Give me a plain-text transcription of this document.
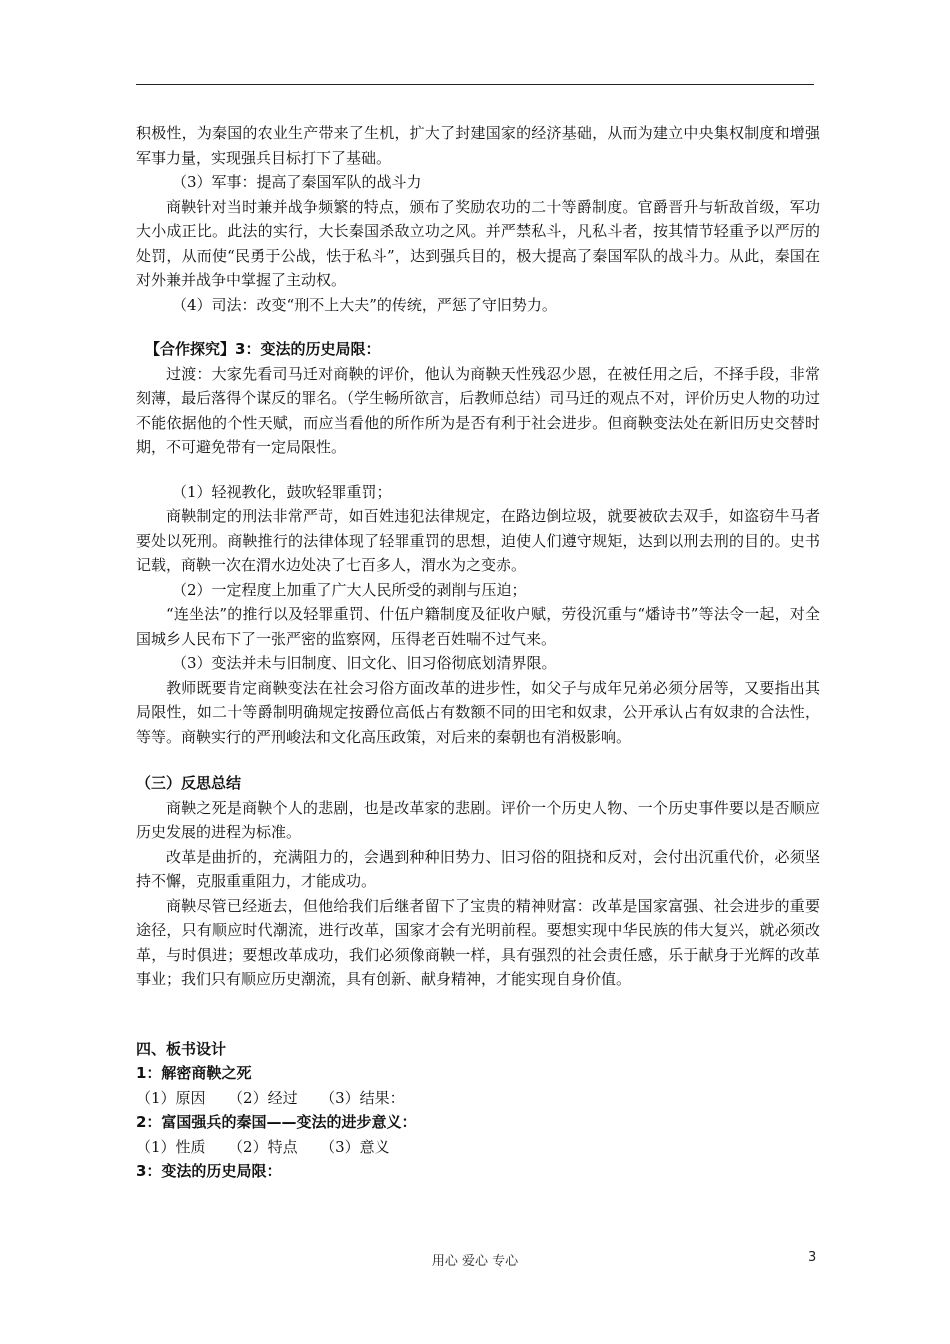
积极性，为秦国的农业生产带来了生机，扩大了封建国家的经济基础，从而为建立中央集权制度和增强军事力量，实现强兵目标打下了基础。

（3）军事：提高了秦国军队的战斗力

商鞅针对当时兼并战争频繁的特点，颁布了奖励农功的二十等爵制度。官爵晋升与斩敌首级，军功大小成正比。此法的实行，大长秦国杀敌立功之风。并严禁私斗，凡私斗者，按其情节轻重予以严厉的处罚，从而使“民勇于公战，怯于私斗”，达到强兵目的，极大提高了秦国军队的战斗力。从此，秦国在对外兼并战争中掌握了主动权。

（4）司法：改变“刑不上大夫”的传统，严惩了守旧势力。

【合作探究】3：变法的历史局限：

过渡：大家先看司马迁对商鞅的评价，他认为商鞅天性残忍少恩，在被任用之后，不择手段，非常刻薄，最后落得个谋反的罪名。（学生畅所欲言，后教师总结）司马迁的观点不对，评价历史人物的功过不能依据他的个性天赋，而应当看他的所作所为是否有利于社会进步。但商鞅变法处在新旧历史交替时期，不可避免带有一定局限性。

（1）轻视教化，鼓吹轻罪重罚；

商鞅制定的刑法非常严苛，如百姓违犯法律规定，在路边倒垃圾，就要被砍去双手，如盗窃牛马者要处以死刑。商鞅推行的法律体现了轻罪重罚的思想，迫使人们遵守规矩，达到以刑去刑的目的。史书记载，商鞅一次在渭水边处决了七百多人，渭水为之变赤。

（2）一定程度上加重了广大人民所受的剥削与压迫；

“连坐法”的推行以及轻罪重罚、什伍户籍制度及征收户赋，劳役沉重与“燔诗书”等法令一起，对全国城乡人民布下了一张严密的监察网，压得老百姓喘不过气来。

（3）变法并未与旧制度、旧文化、旧习俗彻底划清界限。

教师既要肯定商鞅变法在社会习俗方面改革的进步性，如父子与成年兄弟必须分居等，又要指出其局限性，如二十等爵制明确规定按爵位高低占有数额不同的田宅和奴隶，公开承认占有奴隶的合法性，等等。商鞅实行的严刑峻法和文化高压政策，对后来的秦朝也有消极影响。

（三）反思总结

商鞅之死是商鞅个人的悲剧，也是改革家的悲剧。评价一个历史人物、一个历史事件要以是否顺应历史发展的进程为标准。

改革是曲折的，充满阻力的，会遇到种种旧势力、旧习俗的阻挠和反对，会付出沉重代价，必须坚持不懈，克服重重阻力，才能成功。

商鞅尽管已经逝去，但他给我们后继者留下了宝贵的精神财富：改革是国家富强、社会进步的重要途径，只有顺应时代潮流，进行改革，国家才会有光明前程。要想实现中华民族的伟大复兴，就必须改革，与时俱进；要想改革成功，我们必须像商鞅一样，具有强烈的社会责任感，乐于献身于光辉的改革事业；我们只有顺应历史潮流，具有创新、献身精神，才能实现自身价值。

四、板书设计

1：解密商鞅之死

（1）原因　　（2）经过　　（3）结果：

2：富国强兵的秦国——变法的进步意义：

（1）性质　　（2）特点　　（3）意义

3：变法的历史局限：

用心 爱心 专心	3
